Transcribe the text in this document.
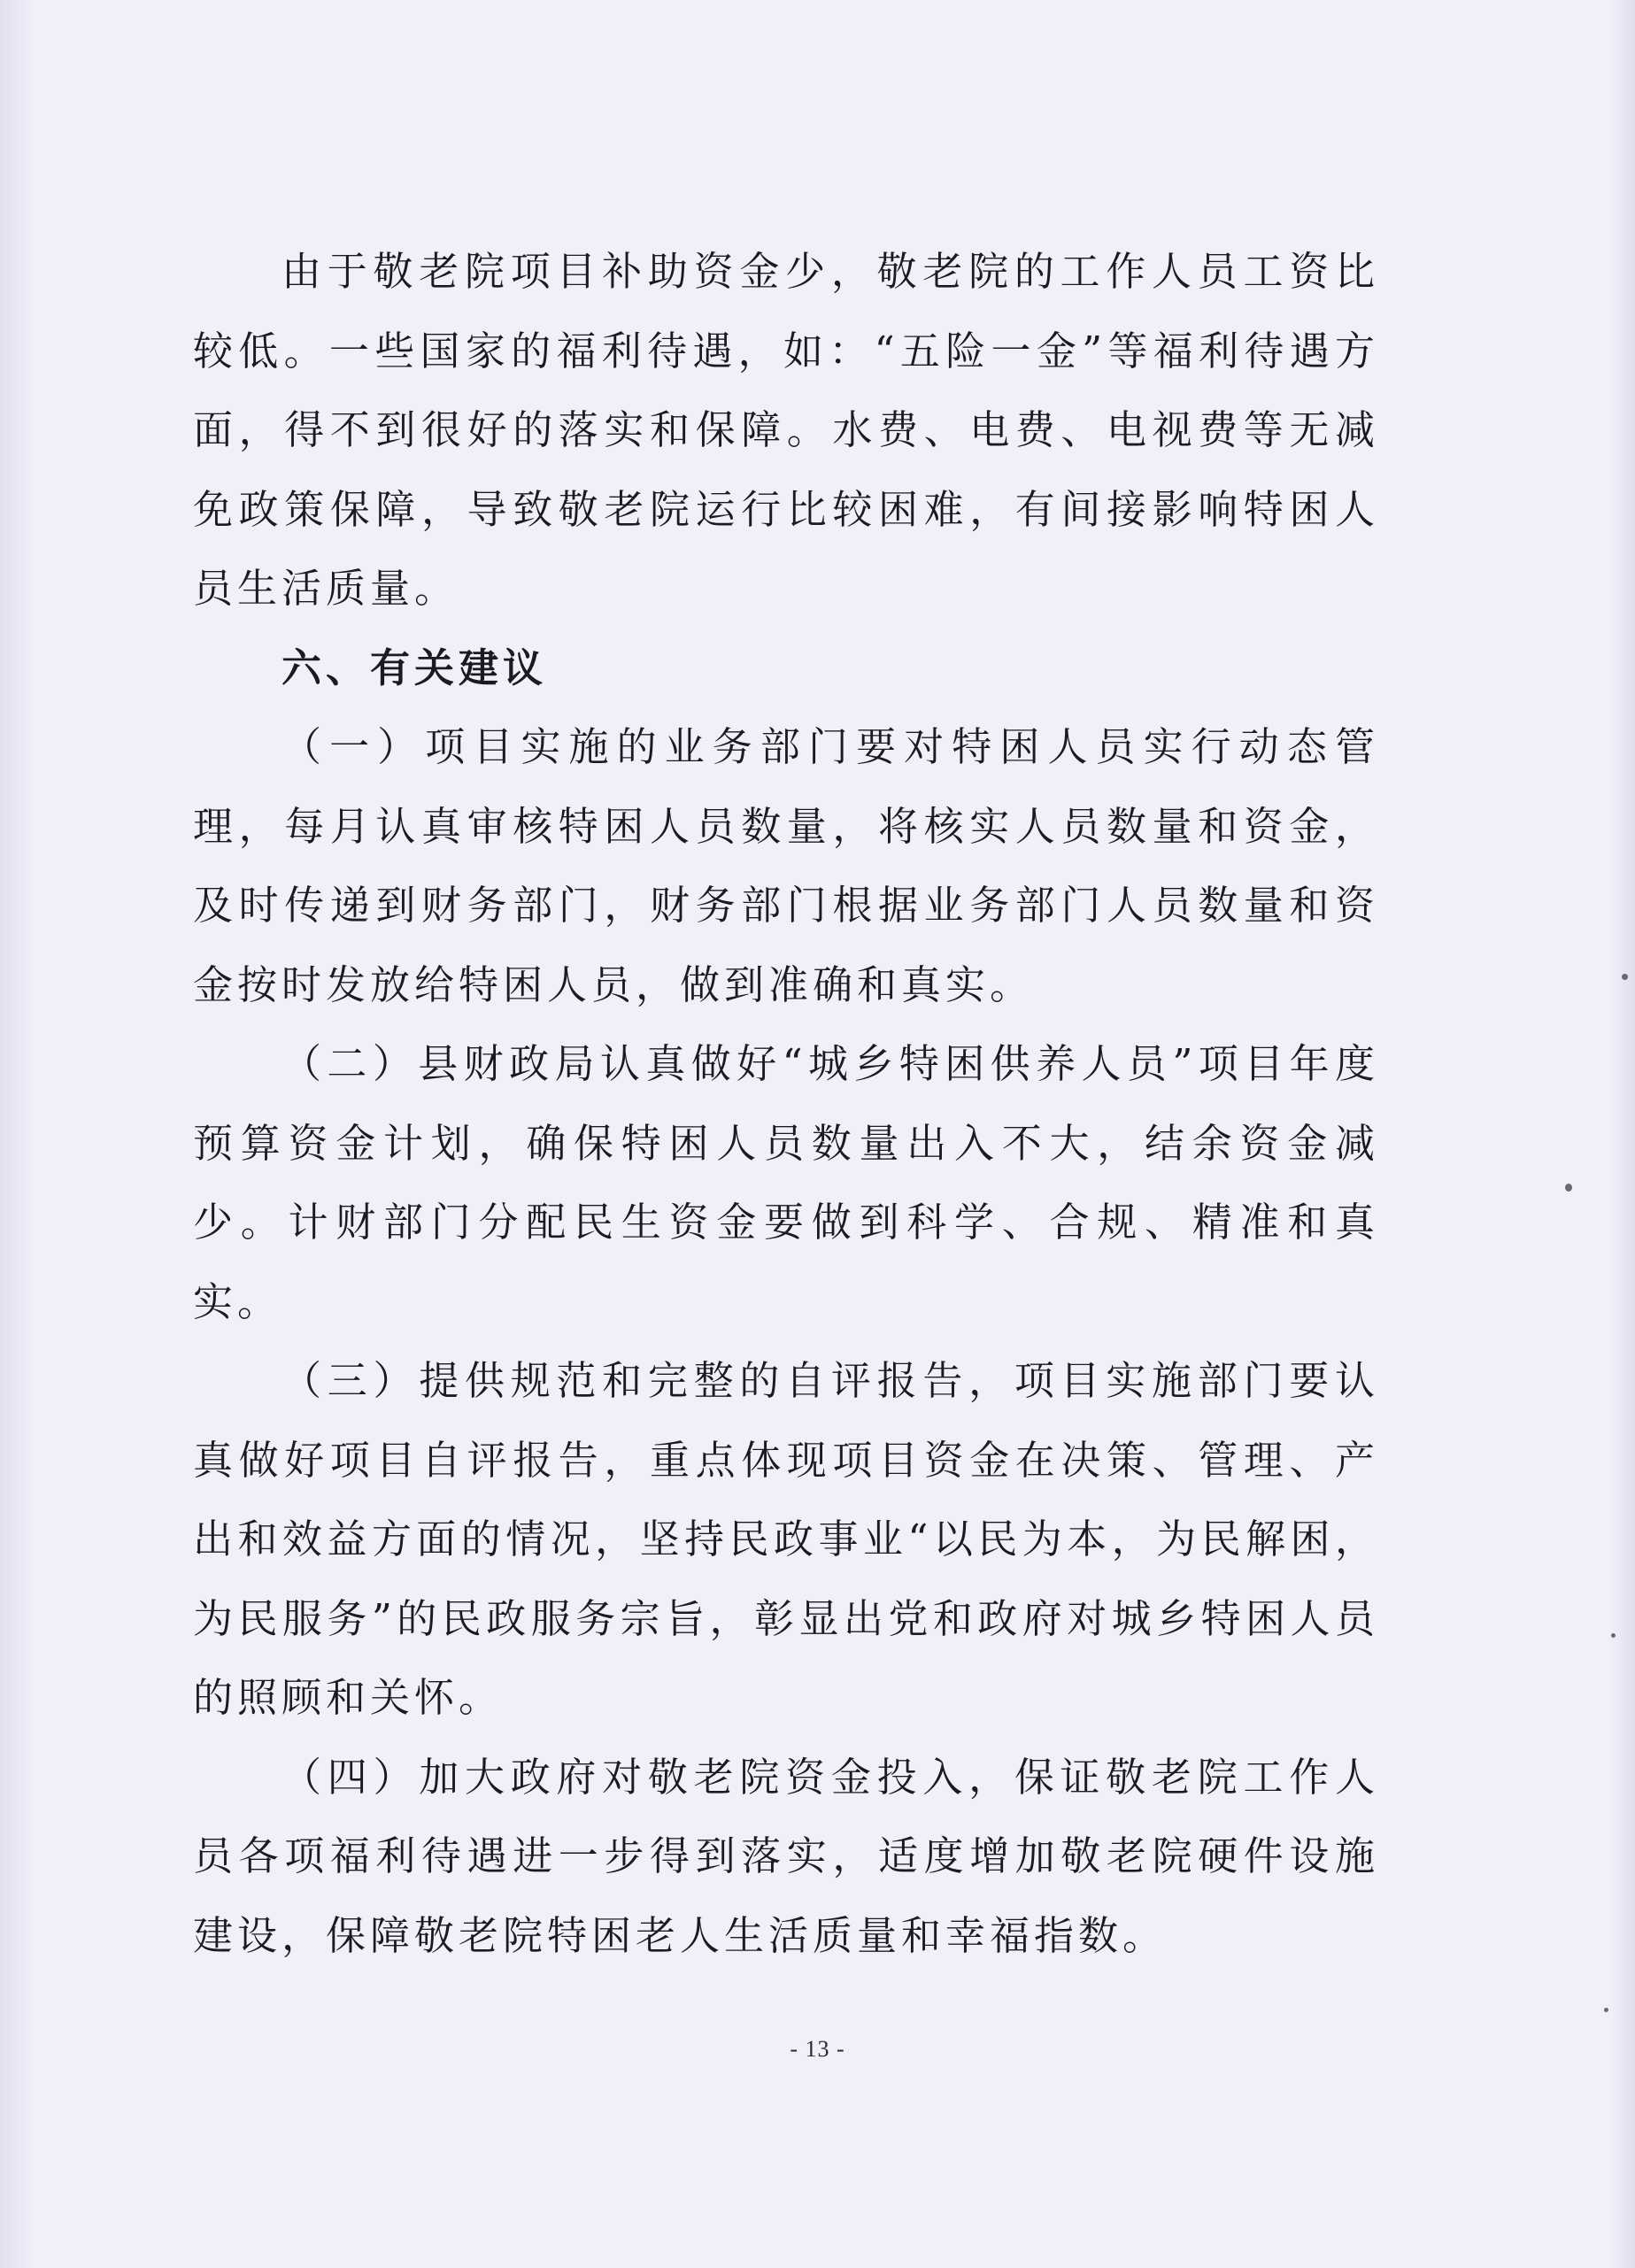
由于敬老院项目补助资金少，敬老院的工作人员工资比较低。一些国家的福利待遇，如：“五险一金”等福利待遇方面，得不到很好的落实和保障。水费、电费、电视费等无减免政策保障，导致敬老院运行比较困难，有间接影响特困人员生活质量。

六、有关建议

（一）项目实施的业务部门要对特困人员实行动态管理，每月认真审核特困人员数量，将核实人员数量和资金，及时传递到财务部门，财务部门根据业务部门人员数量和资金按时发放给特困人员，做到准确和真实。

（二）县财政局认真做好“城乡特困供养人员”项目年度预算资金计划，确保特困人员数量出入不大，结余资金减少。计财部门分配民生资金要做到科学、合规、精准和真实。

（三）提供规范和完整的自评报告，项目实施部门要认真做好项目自评报告，重点体现项目资金在决策、管理、产出和效益方面的情况，坚持民政事业“以民为本，为民解困，为民服务”的民政服务宗旨，彰显出党和政府对城乡特困人员的照顾和关怀。

（四）加大政府对敬老院资金投入，保证敬老院工作人员各项福利待遇进一步得到落实，适度增加敬老院硬件设施建设，保障敬老院特困老人生活质量和幸福指数。

- 13 -
